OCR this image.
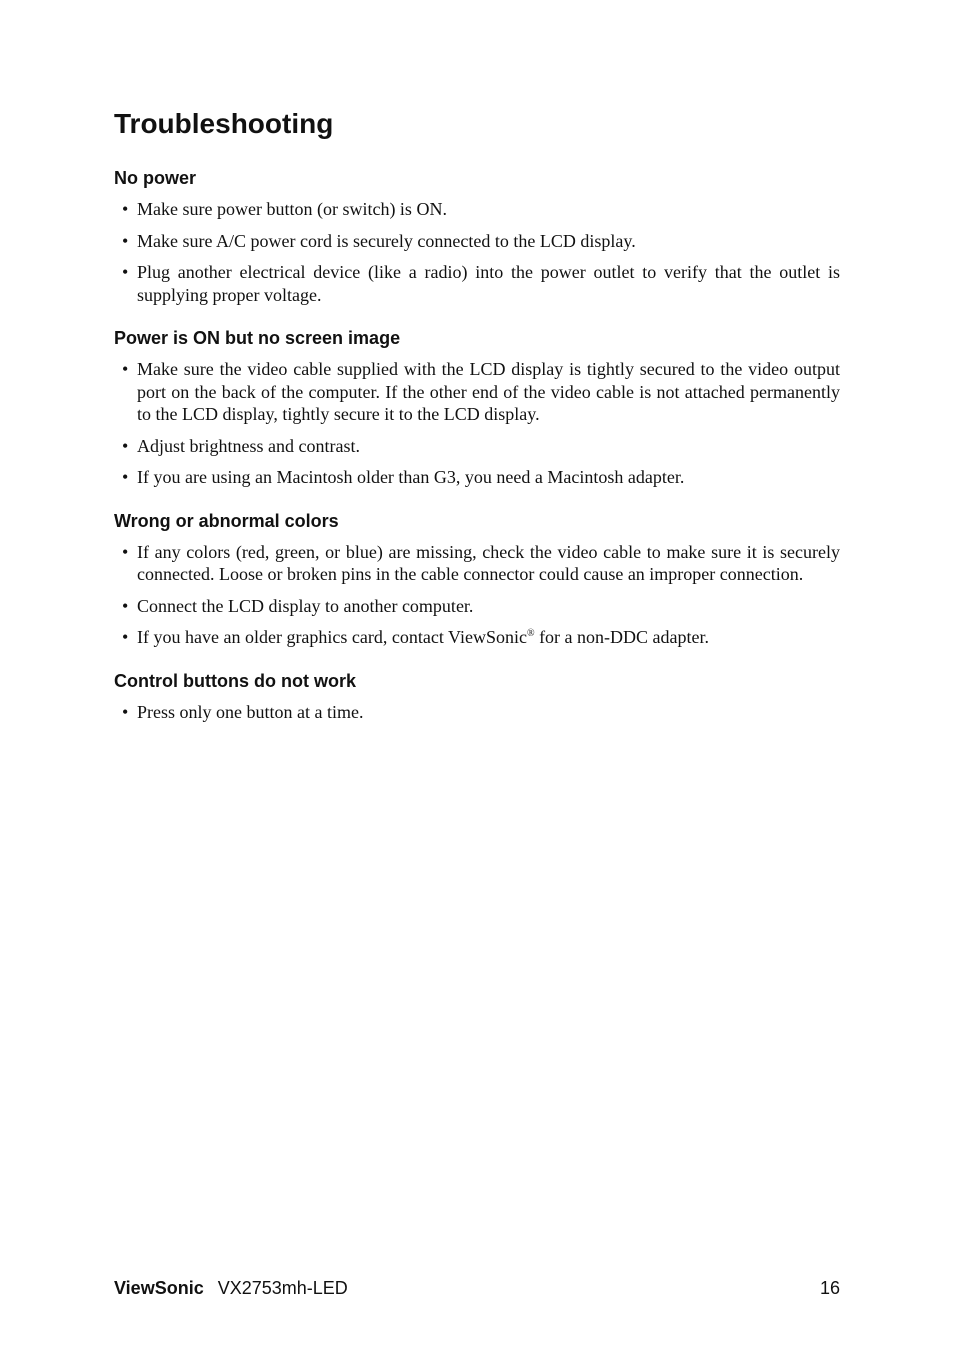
Troubleshooting
No power
• Make sure power button (or switch) is ON.
• Make sure A/C power cord is securely connected to the LCD display.
• Plug another electrical device (like a radio) into the power outlet to verify that the outlet is supplying proper voltage.
Power is ON but no screen image
• Make sure the video cable supplied with the LCD display is tightly secured to the video output port on the back of the computer. If the other end of the video cable is not attached permanently to the LCD display, tightly secure it to the LCD display.
• Adjust brightness and contrast.
• If you are using an Macintosh older than G3, you need a Macintosh adapter.
Wrong or abnormal colors
• If any colors (red, green, or blue) are missing, check the video cable to make sure it is securely connected. Loose or broken pins in the cable connector could cause an improper connection.
• Connect the LCD display to another computer.
• If you have an older graphics card, contact ViewSonic® for a non-DDC adapter.
Control buttons do not work
• Press only one button at a time.
ViewSonic VX2753mh-LED	16
